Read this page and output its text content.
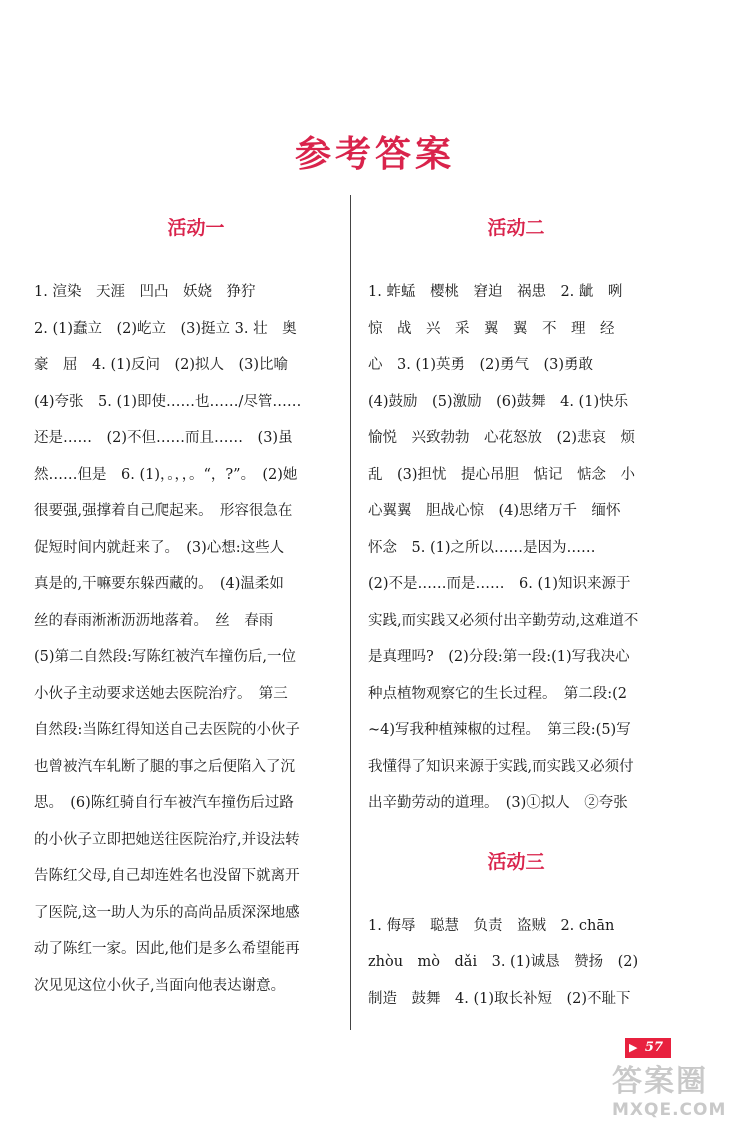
参考答案
活动一

1. 渲染　天涯　凹凸　妖娆　狰狞

2. (1)蠢立　(2)屹立　(3)挺立 3. 壮　奥

豪　屈　4. (1)反问　(2)拟人　(3)比喻

(4)夸张　5. (1)即使……也……/尽管……

还是……　(2)不但……而且……　(3)虽

然……但是　6. (1)，。，，。“，?”。　(2)她

很要强,强撑着自己爬起来。　形容很急在

促短时间内就赶来了。　(3)心想:这些人

真是的,干嘛要东躲西藏的。　(4)温柔如

丝的春雨淅淅沥沥地落着。　丝　春雨

(5)第二自然段:写陈红被汽车撞伤后,一位

小伙子主动要求送她去医院治疗。　第三

自然段:当陈红得知送自己去医院的小伙子

也曾被汽车轧断了腿的事之后便陷入了沉

思。　(6)陈红骑自行车被汽车撞伤后过路

的小伙子立即把她送往医院治疗,并设法转

告陈红父母,自己却连姓名也没留下就离开

了医院,这一助人为乐的高尚品质深深地感

动了陈红一家。因此,他们是多么希望能再

次见见这位小伙子,当面向他表达谢意。

活动二

1. 蚱蜢　樱桃　窘迫　祸患　2. 龇　咧

惊　战　兴　采　翼　翼　不　理　经

心　3. (1)英勇　(2)勇气　(3)勇敢

(4)鼓励　(5)激励　(6)鼓舞　4. (1)快乐

愉悦　兴致勃勃　心花怒放　(2)悲哀　烦

乱　(3)担忧　提心吊胆　惦记　惦念　小

心翼翼　胆战心惊　(4)思绪万千　缅怀

怀念　5. (1)之所以……是因为……

(2)不是……而是……　6. (1)知识来源于

实践,而实践又必须付出辛勤劳动,这难道不

是真理吗?　(2)分段:第一段:(1)写我决心

种点植物观察它的生长过程。　第二段:(2

~4)写我种植辣椒的过程。　第三段:(5)写

我懂得了知识来源于实践,而实践又必须付

出辛勤劳动的道理。　(3)①拟人　②夸张

活动三

1. 侮辱　聪慧　负责　盗贼　2. chān

zhòu　mò　dǎi　3. (1)诚恳　赞扬　(2)

制造　鼓舞　4. (1)取长补短　(2)不耻下

▶ 57
答案圈
MXQE.COM
